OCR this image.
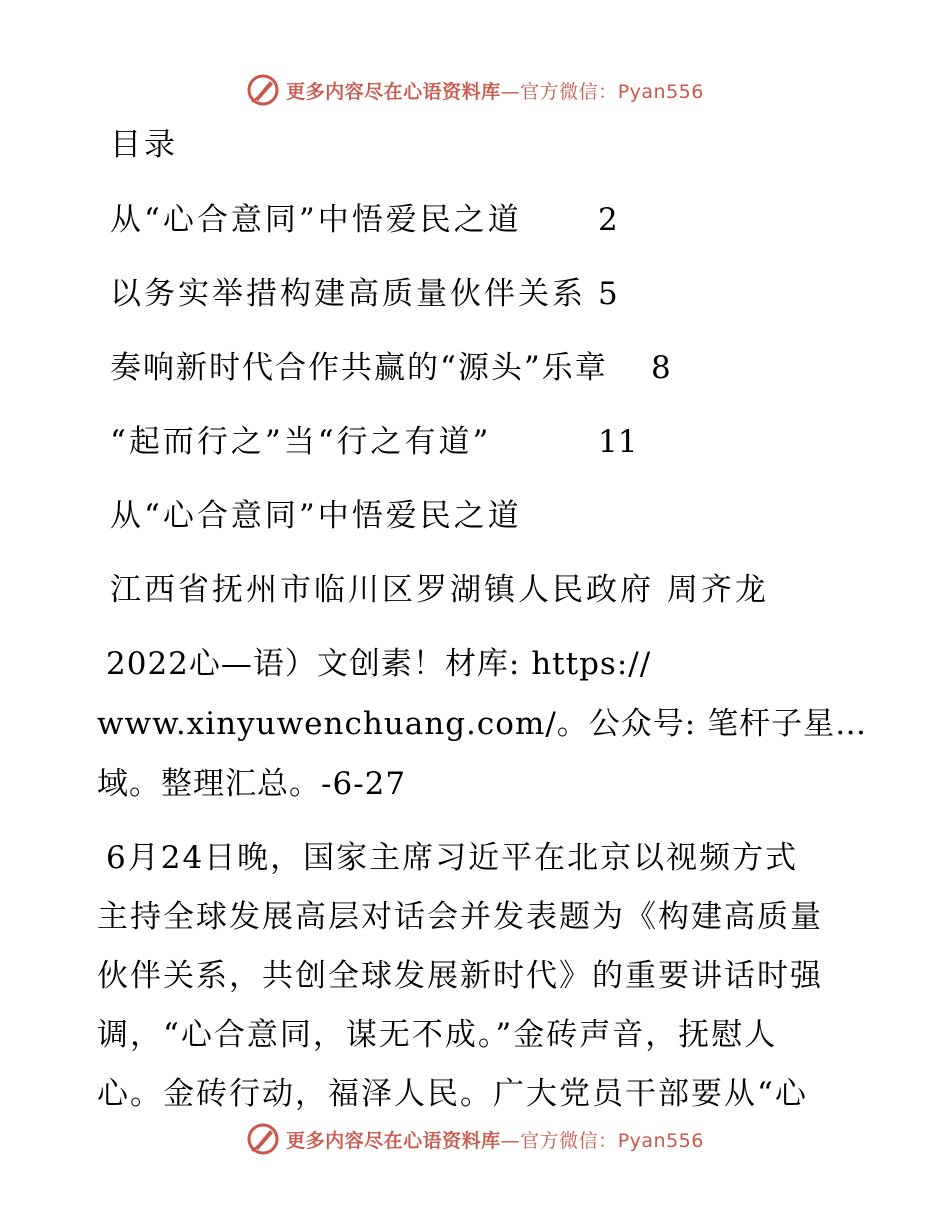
更多内容尽在心语资料库—官方微信：Pyan556
目录
从“心合意同”中悟爱民之道 2
以务实举措构建高质量伙伴关系 5
奏响新时代合作共赢的“源头”乐章 8
“起而行之”当“行之有道”	11
从“心合意同”中悟爱民之道
江西省抚州市临川区罗湖镇人民政府 周齐龙
2022心—语）文创素！材库: https://
www.xinyuwenchuang.com/。公众号: 笔杆子星…
域。整理汇总。-6-27
6月24日晚，国家主席习近平在北京以视频方式
主持全球发展高层对话会并发表题为《构建高质量
伙伴关系，共创全球发展新时代》的重要讲话时强
调，“心合意同，谋无不成。”金砖声音，抚慰人
心。金砖行动，福泽人民。广大党员干部要从“心
更多内容尽在心语资料库—官方微信：Pyan556
